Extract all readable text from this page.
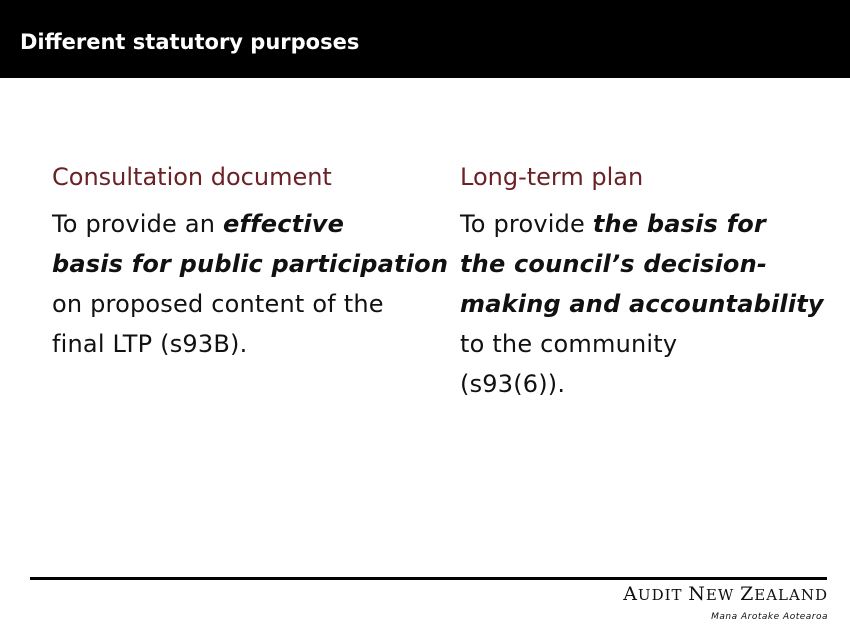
Different statutory purposes
Consultation document
To provide an effective
basis for public participation
on proposed content of the
final LTP (s93B).
Long-term plan
To provide the basis for
the council’s decision-
making and accountability
to the community
(s93(6)).
AUDIT NEW ZEALAND
Mana Arotake Aotearoa
